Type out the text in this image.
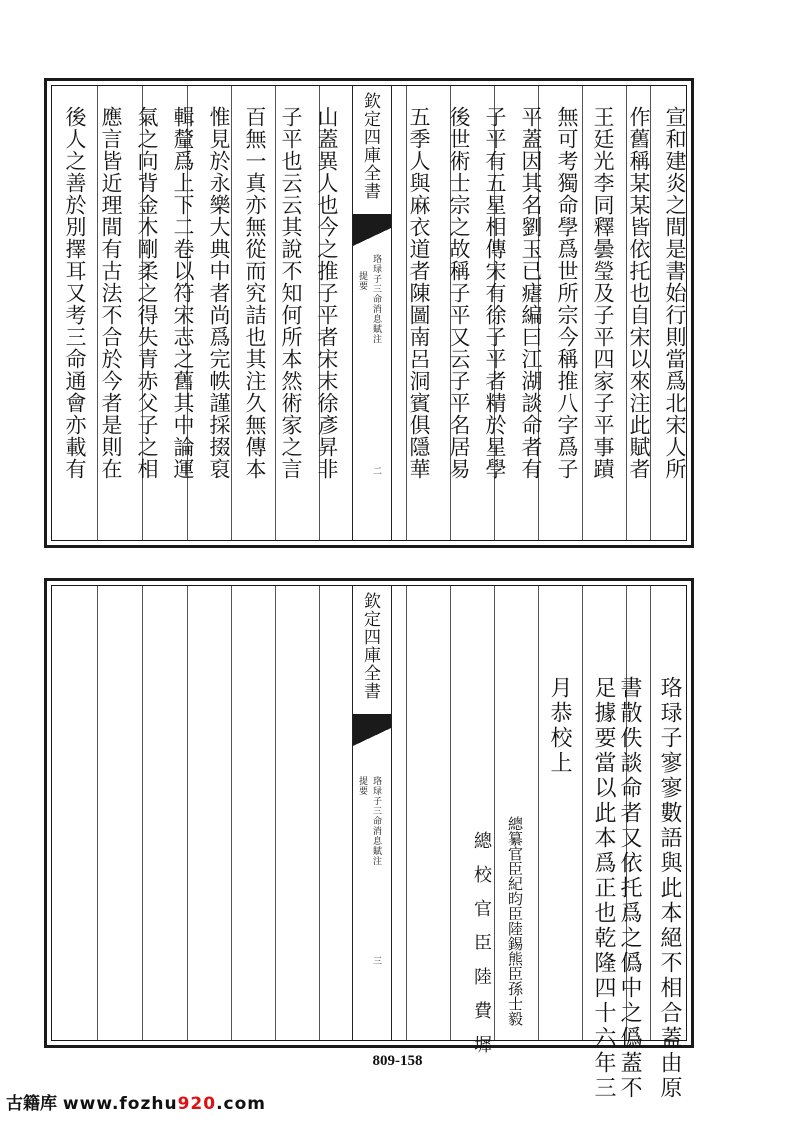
欽定四庫全書
珞琭子三命消息賦注
提要
二	宣和建炎之間是書始行則當爲北宋人所
作舊稱某某皆依托也自宋以來注此賦者
王廷光李同釋曇瑩及子平四家子平事蹟
無可考獨命學爲世所宗今稱推八字爲子
平蓋因其名劉玉已瘧編曰江湖談命者有
子平有五星相傳宋有徐子平者精於星學
後世術士宗之故稱子平又云子平名居易
五季人與麻衣道者陳圖南呂洞賓俱隱華
山蓋異人也今之推子平者宋末徐彥昇非
子平也云云其說不知何所本然術家之言
百無一真亦無從而究詰也其注久無傳本
惟見於永樂大典中者尚爲完帙謹採掇裒
輯釐爲上下二卷以符宋志之舊其中論運
氣之向背金木剛柔之得失青赤父子之相
應言皆近理間有古法不合於今者是則在
後人之善於別擇耳又考三命通會亦載有
欽定四庫全書
珞琭子三命消息賦注
提要
三	珞琭子寥寥數語與此本絕不相合蓋由原
書散佚談命者又依托爲之僞中之僞蓋不
足據要當以此本爲正也乾隆四十六年三
月恭校上
總纂官臣紀昀臣陸錫熊臣孫士毅
總校官臣陸費墀
809-158
古籍库 www.fozhu920.com
